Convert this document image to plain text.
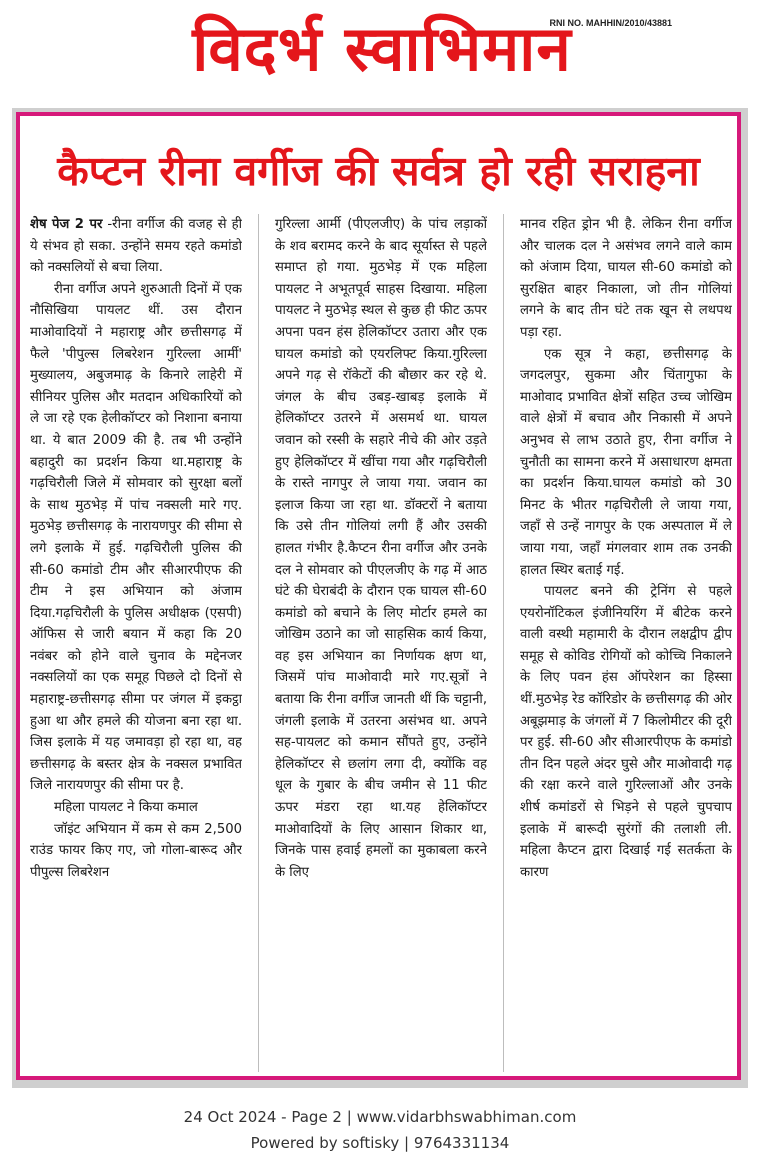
विदर्भ स्वाभिमान
RNI NO. MAHHIN/2010/43881
कैप्टन रीना वर्गीज की सर्वत्र हो रही सराहना

शेष पेज 2 पर -रीना वर्गीज की वजह से ही ये संभव हो सका. उन्होंने समय रहते कमांडो को नक्सलियों से बचा लिया.

रीना वर्गीज अपने शुरुआती दिनों में एक नौसिखिया पायलट थीं. उस दौरान माओवादियों ने महाराष्ट्र और छत्तीसगढ़ में फैले 'पीपुल्स लिबरेशन गुरिल्ला आर्मी' मुख्यालय, अबुजमाढ़ के किनारे लाहेरी में सीनियर पुलिस और मतदान अधिकारियों को ले जा रहे एक हेलीकॉप्टर को निशाना बनाया था. ये बात 2009 की है. तब भी उन्होंने बहादुरी का प्रदर्शन किया था.महाराष्ट्र के गढ़चिरौली जिले में सोमवार को सुरक्षा बलों के साथ मुठभेड़ में पांच नक्सली मारे गए. मुठभेड़ छत्तीसगढ़ के नारायणपुर की सीमा से लगे इलाके में हुई. गढ़चिरौली पुलिस की सी-60 कमांडो टीम और सीआरपीएफ की टीम ने इस अभियान को अंजाम दिया.गढ़चिरौली के पुलिस अधीक्षक (एसपी) ऑफिस से जारी बयान में कहा कि 20 नवंबर को होने वाले चुनाव के मद्देनजर नक्सलियों का एक समूह पिछले दो दिनों से महाराष्ट्र-छत्तीसगढ़ सीमा पर जंगल में इकट्ठा हुआ था और हमले की योजना बना रहा था. जिस इलाके में यह जमावड़ा हो रहा था, वह छत्तीसगढ़ के बस्तर क्षेत्र के नक्सल प्रभावित जिले नारायणपुर की सीमा पर है.

महिला पायलट ने किया कमाल

जॉइंट अभियान में कम से कम 2,500 राउंड फायर किए गए, जो गोला-बारूद और पीपुल्स लिबरेशन

गुरिल्ला आर्मी (पीएलजीए) के पांच लड़ाकों के शव बरामद करने के बाद सूर्यास्त से पहले समाप्त हो गया. मुठभेड़ में एक महिला पायलट ने अभूतपूर्व साहस दिखाया. महिला पायलट ने मुठभेड़ स्थल से कुछ ही फीट ऊपर अपना पवन हंस हेलिकॉप्टर उतारा और एक घायल कमांडो को एयरलिफ्ट किया.गुरिल्ला अपने गढ़ से रॉकेटों की बौछार कर रहे थे. जंगल के बीच उबड़-खाबड़ इलाके में हेलिकॉप्टर उतरने में असमर्थ था. घायल जवान को रस्सी के सहारे नीचे की ओर उड़ते हुए हेलिकॉप्टर में खींचा गया और गढ़चिरौली के रास्ते नागपुर ले जाया गया. जवान का इलाज किया जा रहा था. डॉक्टरों ने बताया कि उसे तीन गोलियां लगी हैं और उसकी हालत गंभीर है.कैप्टन रीना वर्गीज और उनके दल ने सोमवार को पीएलजीए के गढ़ में आठ घंटे की घेराबंदी के दौरान एक घायल सी-60 कमांडो को बचाने के लिए मोर्टार हमले का जोखिम उठाने का जो साहसिक कार्य किया, वह इस अभियान का निर्णायक क्षण था, जिसमें पांच माओवादी मारे गए.सूत्रों ने बताया कि रीना वर्गीज जानती थीं कि चट्टानी, जंगली इलाके में उतरना असंभव था. अपने सह-पायलट को कमान सौंपते हुए, उन्होंने हेलिकॉप्टर से छलांग लगा दी, क्योंकि वह धूल के गुबार के बीच जमीन से 11 फीट ऊपर मंडरा रहा था.यह हेलिकॉप्टर माओवादियों के लिए आसान शिकार था, जिनके पास हवाई हमलों का मुकाबला करने के लिए

मानव रहित ड्रोन भी है. लेकिन रीना वर्गीज और चालक दल ने असंभव लगने वाले काम को अंजाम दिया, घायल सी-60 कमांडो को सुरक्षित बाहर निकाला, जो तीन गोलियां लगने के बाद तीन घंटे तक खून से लथपथ पड़ा रहा.

एक सूत्र ने कहा, छत्तीसगढ़ के जगदलपुर, सुकमा और चिंतागुफा के माओवाद प्रभावित क्षेत्रों सहित उच्च जोखिम वाले क्षेत्रों में बचाव और निकासी में अपने अनुभव से लाभ उठाते हुए, रीना वर्गीज ने चुनौती का सामना करने में असाधारण क्षमता का प्रदर्शन किया.घायल कमांडो को 30 मिनट के भीतर गढ़चिरौली ले जाया गया, जहाँ से उन्हें नागपुर के एक अस्पताल में ले जाया गया, जहाँ मंगलवार शाम तक उनकी हालत स्थिर बताई गई.

पायलट बनने की ट्रेनिंग से पहले एयरोनॉटिकल इंजीनियरिंग में बीटेक करने वाली वस्थी महामारी के दौरान लक्षद्वीप द्वीप समूह से कोविड रोगियों को कोच्चि निकालने के लिए पवन हंस ऑपरेशन का हिस्सा थीं.मुठभेड़ रेड कॉरिडोर के छत्तीसगढ़ की ओर अबूझमाड़ के जंगलों में 7 किलोमीटर की दूरी पर हुई. सी-60 और सीआरपीएफ के कमांडो तीन दिन पहले अंदर घुसे और माओवादी गढ़ की रक्षा करने वाले गुरिल्लाओं और उनके शीर्ष कमांडरों से भिड़ने से पहले चुपचाप इलाके में बारूदी सुरंगों की तलाशी ली. महिला कैप्टन द्वारा दिखाई गई सतर्कता के कारण

24 Oct 2024 - Page 2 | www.vidarbhswabhiman.com
Powered by softisky | 9764331134
